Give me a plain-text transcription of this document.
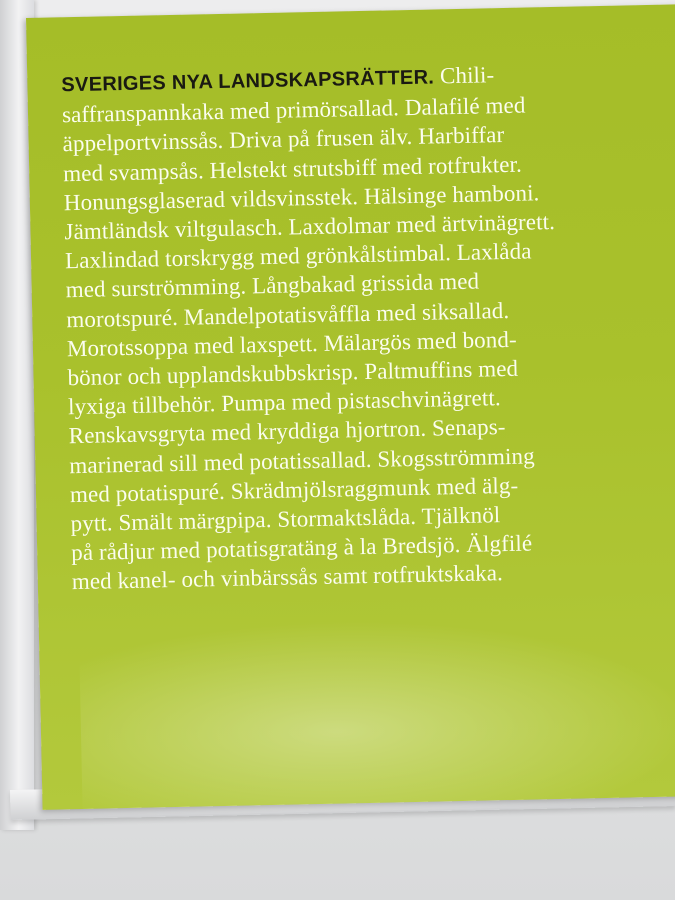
SVERIGES NYA LANDSKAPSRÄTTER. Chili-
saffranspannkaka med primörsallad. Dalafilé med
äppelportvinssås. Driva på frusen älv. Harbiffar
med svampsås. Helstekt strutsbiff med rotfrukter.
Honungsglaserad vildsvinsstek. Hälsinge hamboni.
Jämtländsk viltgulasch. Laxdolmar med ärtvinägrett.
Laxlindad torskrygg med grönkålstimbal. Laxlåda
med surströmming. Långbakad grissida med
morotspuré. Mandelpotatisvåffla med siksallad.
Morotssoppa med laxspett. Mälargös med bond-
bönor och upplandskubbskrisp. Paltmuffins med
lyxiga tillbehör. Pumpa med pistaschvinägrett.
Renskavsgryta med kryddiga hjortron. Senaps-
marinerad sill med potatissallad. Skogsströmming
med potatispuré. Skrädmjölsraggmunk med älg-
pytt. Smält märgpipa. Stormaktslåda. Tjälknöl
på rådjur med potatisgratäng à la Bredsjö. Älgfilé
med kanel- och vinbärssås samt rotfruktskaka.
